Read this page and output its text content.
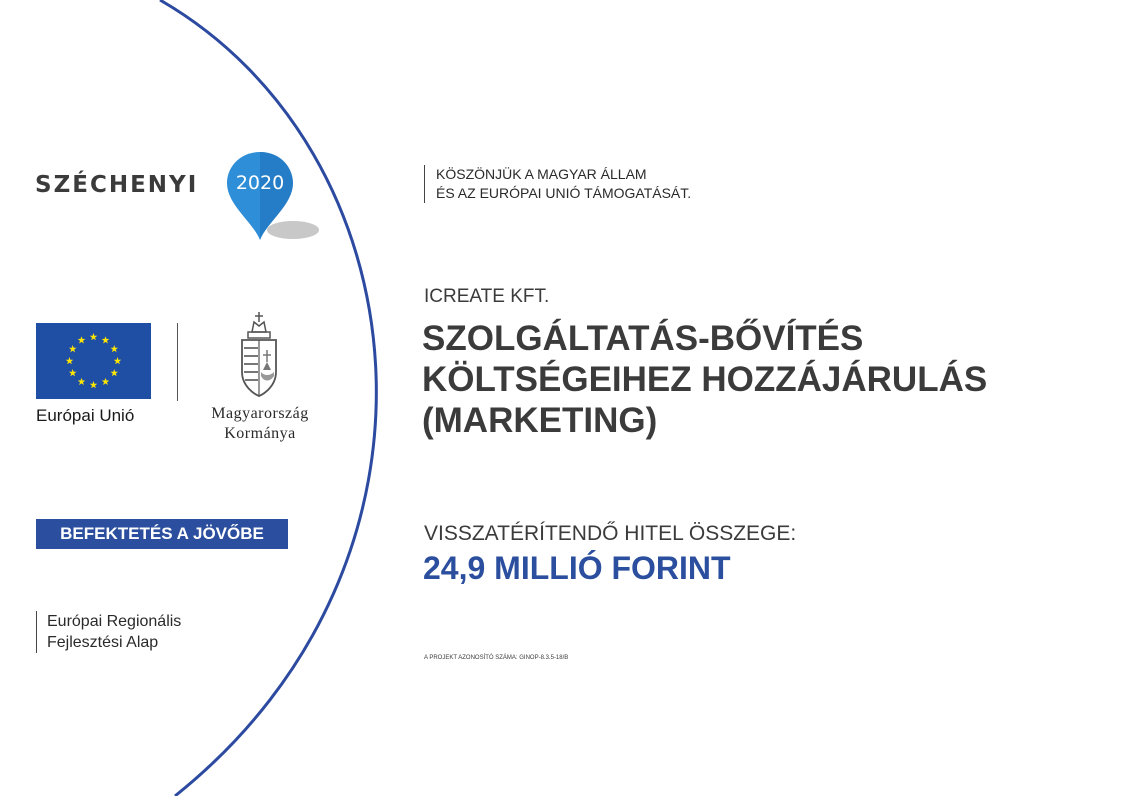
SZÉCHENYI	2020
Európai Unió	Magyarország
Kormánya
BEFEKTETÉS A JÖVŐBE
Európai Regionális
Fejlesztési Alap
KÖSZÖNJÜK A MAGYAR ÁLLAM
ÉS AZ EURÓPAI UNIÓ TÁMOGATÁSÁT.
ICREATE KFT.
SZOLGÁLTATÁS-BŐVÍTÉS
KÖLTSÉGEIHEZ HOZZÁJÁRULÁS
(MARKETING)
VISSZATÉRÍTENDŐ HITEL ÖSSZEGE:
24,9 MILLIÓ FORINT
A PROJEKT AZONOSÍTÓ SZÁMA: GINOP-8.3.5-18/B
